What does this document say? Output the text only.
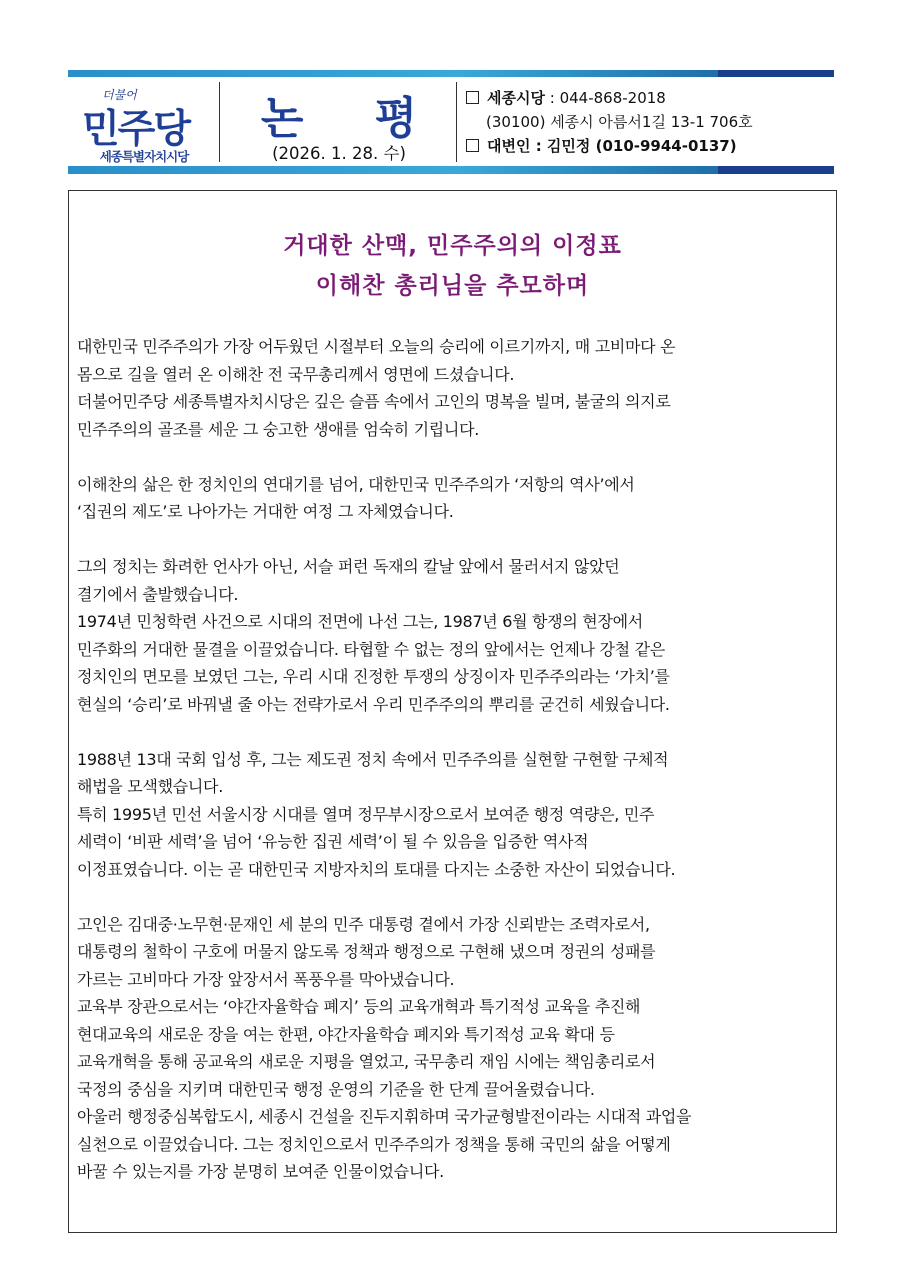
더불어
민주당
세종특별자치시당
논 평
(2026. 1. 28. 수)
세종시당 : 044-868-2018
(30100) 세종시 아름서1길 13-1 706호
대변인 : 김민정 (010-9944-0137)
거대한 산맥, 민주주의의 이정표
이해찬 총리님을 추모하며
대한민국 민주주의가 가장 어두웠던 시절부터 오늘의 승리에 이르기까지, 매 고비마다 온
몸으로 길을 열러 온 이해찬 전 국무총리께서 영면에 드셨습니다.
더불어민주당 세종특별자치시당은 깊은 슬픔 속에서 고인의 명복을 빌며, 불굴의 의지로
민주주의의 골조를 세운 그 숭고한 생애를 엄숙히 기립니다.
이해찬의 삶은 한 정치인의 연대기를 넘어, 대한민국 민주주의가 ‘저항의 역사’에서
‘집권의 제도’로 나아가는 거대한 여정 그 자체였습니다.
그의 정치는 화려한 언사가 아닌, 서슬 퍼런 독재의 칼날 앞에서 물러서지 않았던
결기에서 출발했습니다.
1974년 민청학련 사건으로 시대의 전면에 나선 그는, 1987년 6월 항쟁의 현장에서
민주화의 거대한 물결을 이끌었습니다. 타협할 수 없는 정의 앞에서는 언제나 강철 같은
정치인의 면모를 보였던 그는, 우리 시대 진정한 투쟁의 상징이자 민주주의라는 ‘가치’를
현실의 ‘승리’로 바꿔낼 줄 아는 전략가로서 우리 민주주의의 뿌리를 굳건히 세웠습니다.
1988년 13대 국회 입성 후, 그는 제도권 정치 속에서 민주주의를 실현할 구현할 구체적
해법을 모색했습니다.
특히 1995년 민선 서울시장 시대를 열며 정무부시장으로서 보여준 행정 역량은, 민주
세력이 ‘비판 세력’을 넘어 ‘유능한 집권 세력’이 될 수 있음을 입증한 역사적
이정표였습니다. 이는 곧 대한민국 지방자치의 토대를 다지는 소중한 자산이 되었습니다.
고인은 김대중·노무현·문재인 세 분의 민주 대통령 곁에서 가장 신뢰받는 조력자로서,
대통령의 철학이 구호에 머물지 않도록 정책과 행정으로 구현해 냈으며 정권의 성패를
가르는 고비마다 가장 앞장서서 폭풍우를 막아냈습니다.
교육부 장관으로서는 ‘야간자율학습 폐지’ 등의 교육개혁과 특기적성 교육을 추진해
현대교육의 새로운 장을 여는 한편, 야간자율학습 폐지와 특기적성 교육 확대 등
교육개혁을 통해 공교육의 새로운 지평을 열었고, 국무총리 재임 시에는 책임총리로서
국정의 중심을 지키며 대한민국 행정 운영의 기준을 한 단계 끌어올렸습니다.
아울러 행정중심복합도시, 세종시 건설을 진두지휘하며 국가균형발전이라는 시대적 과업을
실천으로 이끌었습니다. 그는 정치인으로서 민주주의가 정책을 통해 국민의 삶을 어떻게
바꿀 수 있는지를 가장 분명히 보여준 인물이었습니다.
